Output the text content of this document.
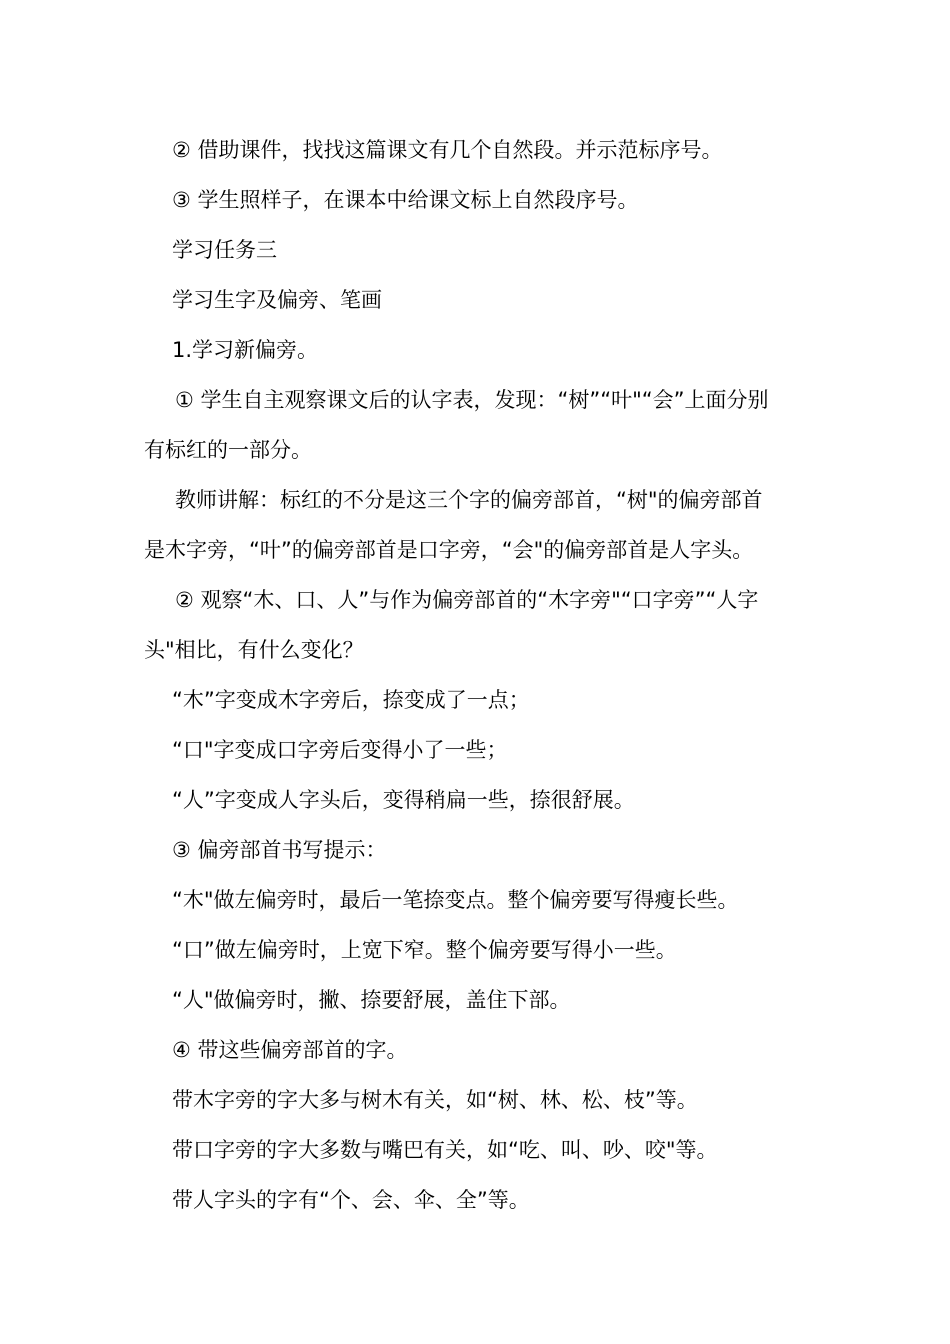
② 借助课件，找找这篇课文有几个自然段。并示范标序号。
③ 学生照样子，在课本中给课文标上自然段序号。
学习任务三
学习生字及偏旁、笔画
1.学习新偏旁。
① 学生自主观察课文后的认字表，发现：“树”“叶"“会”上面分别
有标红的一部分。
教师讲解：标红的不分是这三个字的偏旁部首，“树"的偏旁部首
是木字旁，“叶”的偏旁部首是口字旁，“会"的偏旁部首是人字头。
② 观察“木、口、人”与作为偏旁部首的“木字旁"“口字旁”“人字
头"相比，有什么变化？
“木”字变成木字旁后，捺变成了一点；
“口"字变成口字旁后变得小了一些；
“人”字变成人字头后，变得稍扁一些，捺很舒展。
③ 偏旁部首书写提示：
“木"做左偏旁时，最后一笔捺变点。整个偏旁要写得瘦长些。
“口”做左偏旁时，上宽下窄。整个偏旁要写得小一些。
“人"做偏旁时，撇、捺要舒展，盖住下部。
④ 带这些偏旁部首的字。
带木字旁的字大多与树木有关，如“树、林、松、枝”等。
带口字旁的字大多数与嘴巴有关，如“吃、叫、吵、咬"等。
带人字头的字有“个、会、伞、全”等。
